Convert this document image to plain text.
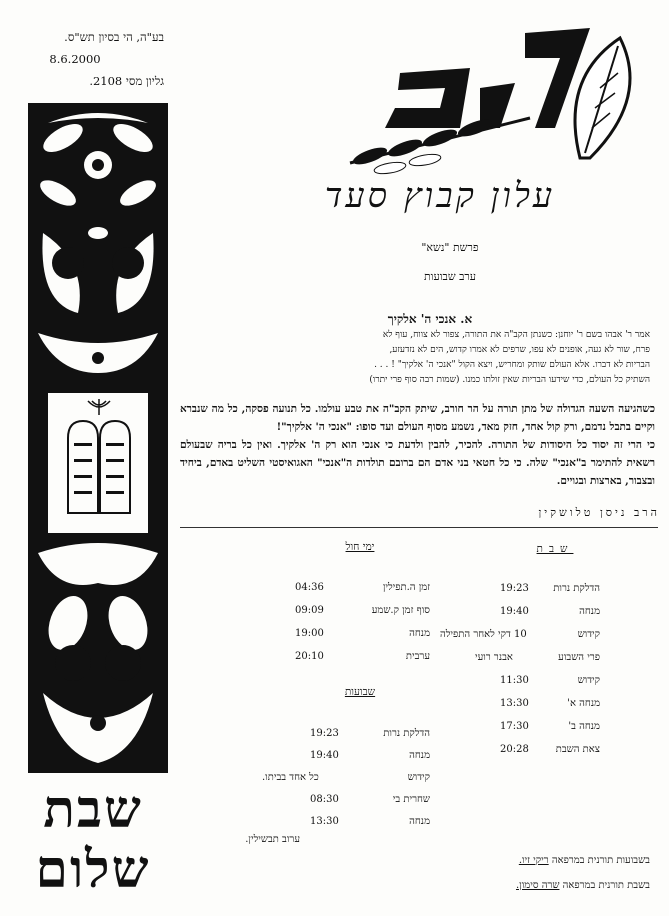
בע"ה, הי בסיון תש"ס.
8.6.2000
גליון מסי 2108.
שבת
שלום
עלון קבוץ סעד
פרשת "נשא"
ערב שבועות
א. אנכי ה' אלקיך
אמר ר' אבהו בשם ר' יוחנן: כשנתן הקב"ה את התורה, צפור לא צווח, עוף לא
פרח, שור לא געה, אופנים לא עפו, שרפים לא אמרו קדוש, הים לא נזדעזע,
הבריות לא דברו. אלא העולם שותק ומחריש, ויצא הקול "אנכי ה' אלקיך" ! . . .
השתיק כל העולם, כדי שידעו הבריות שאין זולתו כמנו. (שמות רבה סוף פרי יתרו)

כשהגיעה השעה הגדולה של מתן תורה על הר חורב, שיתק הקב"ה את טבע עולמו. כל תנועה פסקה, כל מה שנברא וקיים בתבל נדמם, ורק קול אחד, חזק מאד, נשמע מסוף העולם ועד סופו: "אנכי ה' אלקיך"!

כי הרי זה יסוד כל היסודות של התורה. להכיר, להבין ולדעת כי אנכי הוא רק ה' אלקיך. ואין כל בריה שבעולם רשאית להתימר ב"אנכי" שלה. כי כל חטאי בני אדם הם ברובם תולדות ה"אנכי" האגואיסטי השליט באדם, ביחיד ובצבור, בארצות ובגויים.

הרב ניסן טלושקין
שבת
ימי חול
שבועות
הדלקת נרות
19:23
מנחה
19:40
קידוש
10 דקי לאחר התפילה
פרי השבוע
אבנר רועי
קידוש
11:30
מנחה א'
13:30
מנחה ב'
17:30
צאת השבת
20:28
זמן ה.תפילין
04:36
סוף זמן ק.שמע
09:09
מנחה
19:00
ערבית
20:10
הדלקת נרות
19:23
מנחה
19:40
קידוש
כל אחד בביתו.
שחרית בי
08:30
מנחה
13:30
ערוב תבשילין.
בשבועות תורנית במרפאה ריקי זיו.
בשבת תורנית במרפאה שרה סימון.
